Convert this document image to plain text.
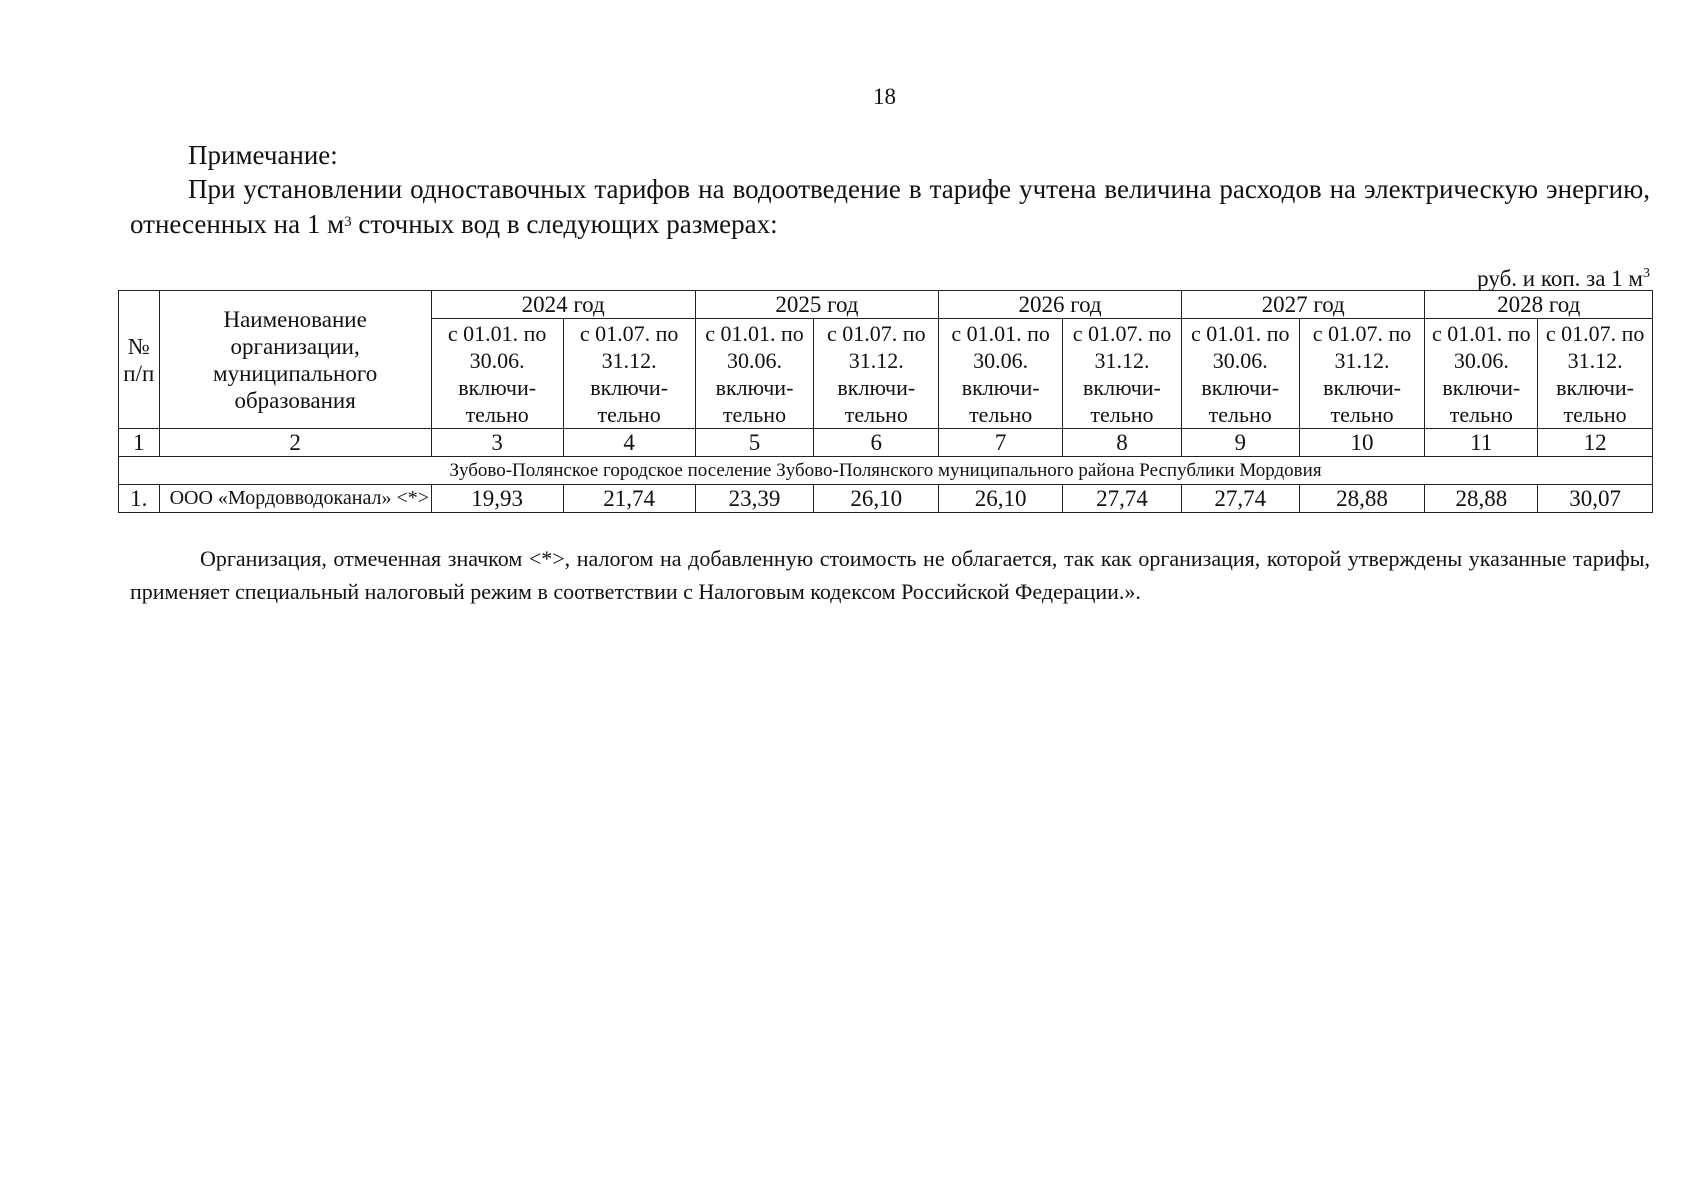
18
Примечание:
При установлении одноставочных тарифов на водоотведение в тарифе учтена величина расходов на электрическую энергию, отнесенных на 1 $м^3$ сточных вод в следующих размерах:
руб. и коп. за 1 $м^3$
№ п/п	Наименование организации, муниципального образования	2024 год		2025 год		2026 год		2027 год		2028 год	
		с 01.01. по 30.06. включи-тельно	с 01.07. по 31.12. включи-тельно	с 01.01. по 30.06. включи-тельно	с 01.07. по 31.12. включи-тельно	с 01.01. по 30.06. включи-тельно	с 01.07. по 31.12. включи-тельно	с 01.01. по 30.06. включи-тельно	с 01.07. по 31.12. включи-тельно	с 01.01. по 30.06. включи-тельно	с 01.07. по 31.12. включи-тельно
1	2	3	4	5	6	7	8	9	10	11	12
Зубово-Полянское городское поселение Зубово-Полянского муниципального района Республики Мордовия											
1.	ООО «Мордовводоканал» <*>	19,93	21,74	23,39	26,10	26,10	27,74	27,74	28,88	28,88	30,07
Организация, отмеченная значком <*>, налогом на добавленную стоимость не облагается, так как организация, которой утверждены указанные тарифы, применяет специальный налоговый режим в соответствии с Налоговым кодексом Российской Федерации.».
